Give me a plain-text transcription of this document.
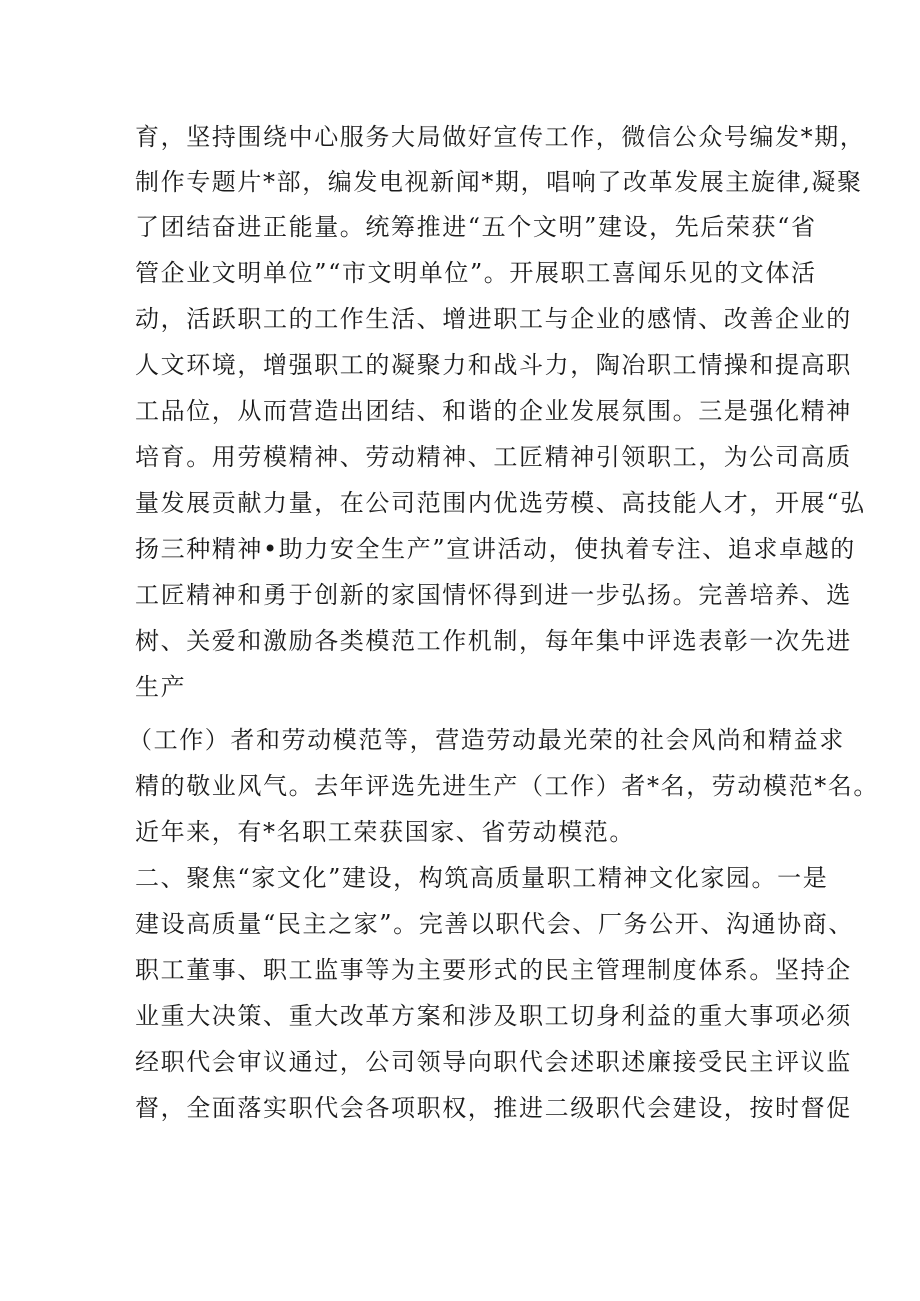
育，坚持围绕中心服务大局做好宣传工作，微信公众号编发*期，
制作专题片*部，编发电视新闻*期，唱响了改革发展主旋律,凝聚
了团结奋进正能量。统筹推进“五个文明”建设，先后荣获“省
管企业文明单位”“市文明单位”。开展职工喜闻乐见的文体活
动，活跃职工的工作生活、增进职工与企业的感情、改善企业的
人文环境，增强职工的凝聚力和战斗力，陶冶职工情操和提高职
工品位，从而营造出团结、和谐的企业发展氛围。三是强化精神
培育。用劳模精神、劳动精神、工匠精神引领职工，为公司高质
量发展贡献力量，在公司范围内优选劳模、高技能人才，开展“弘
扬三种精神•助力安全生产”宣讲活动，使执着专注、追求卓越的
工匠精神和勇于创新的家国情怀得到进一步弘扬。完善培养、选
树、关爱和激励各类模范工作机制，每年集中评选表彰一次先进
生产
（工作）者和劳动模范等，营造劳动最光荣的社会风尚和精益求
精的敬业风气。去年评选先进生产（工作）者*名，劳动模范*名。
近年来，有*名职工荣获国家、省劳动模范。
二、聚焦“家文化”建设，构筑高质量职工精神文化家园。一是
建设高质量“民主之家”。完善以职代会、厂务公开、沟通协商、
职工董事、职工监事等为主要形式的民主管理制度体系。坚持企
业重大决策、重大改革方案和涉及职工切身利益的重大事项必须
经职代会审议通过，公司领导向职代会述职述廉接受民主评议监
督，全面落实职代会各项职权，推进二级职代会建设，按时督促
